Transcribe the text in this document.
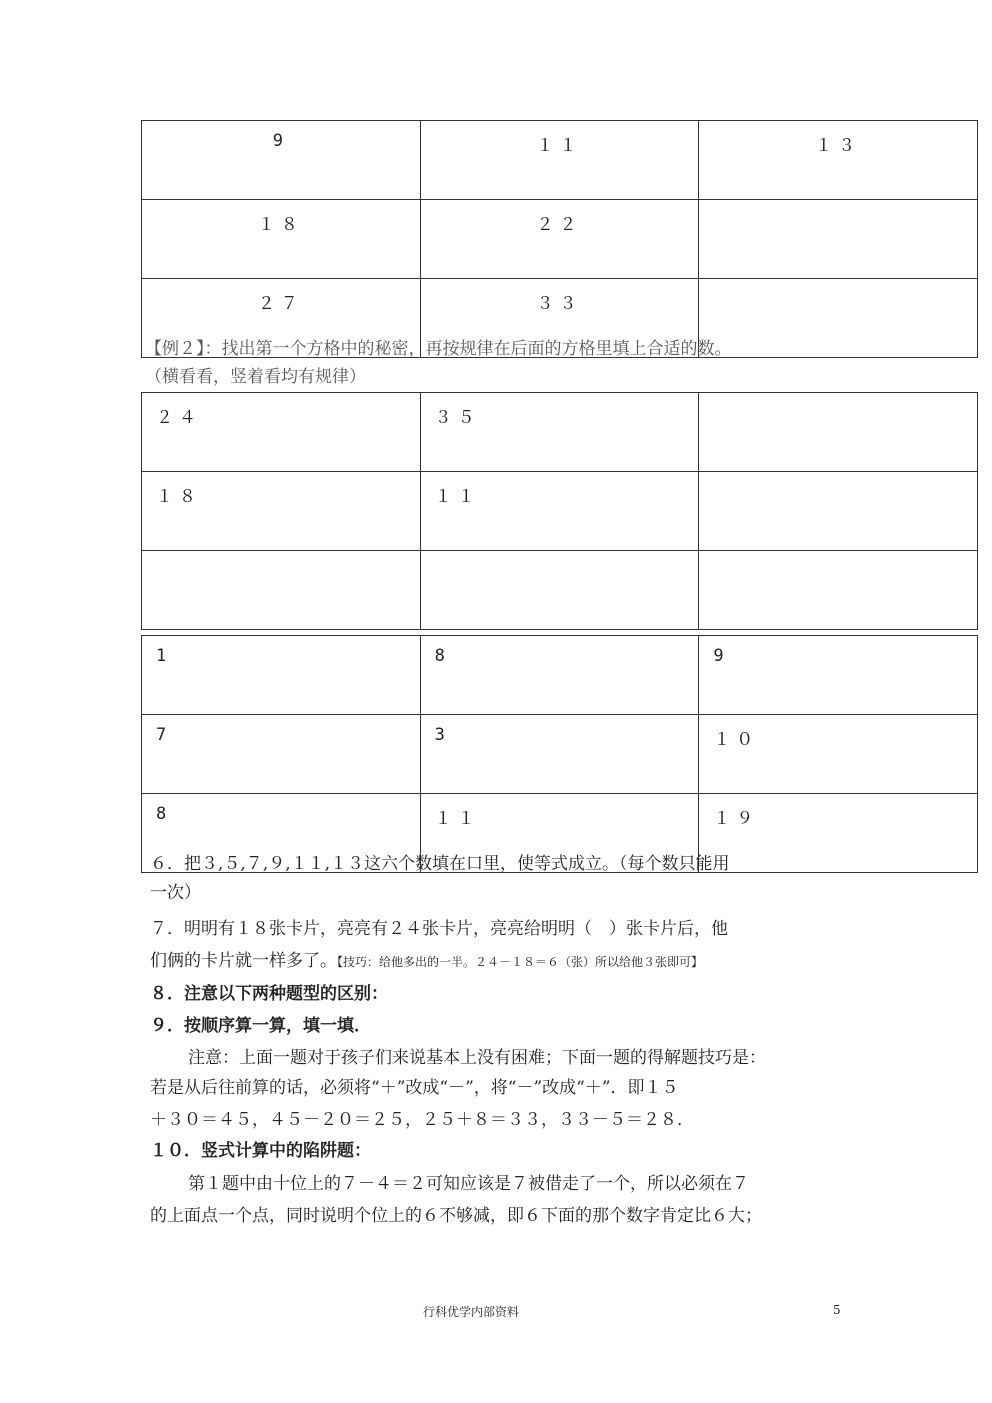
9	１１	１３
１８	２２	
２７	３３	
【例２】：找出第一个方格中的秘密，再按规律在后面的方格里填上合适的数。
（横看看，竖着看均有规律）
２４	３５	
１８	１１	

1	8	9
7	3	１０
8	１１	１９
６．把３,５,７,９,１１,１３这六个数填在口里，使等式成立。（每个数只能用
一次）
７．明明有１８张卡片，亮亮有２４张卡片，亮亮给明明（　）张卡片后，他
们俩的卡片就一样多了。【技巧：给他多出的一半。２４－１８＝６（张）所以给他３张即可】
８．注意以下两种题型的区别：
９．按顺序算一算，填一填．
注意：上面一题对于孩子们来说基本上没有困难；下面一题的得解题技巧是：
若是从后往前算的话，必须将“＋”改成“－”，将“－”改成“＋”．即１５
＋３０＝４５，４５－２０＝２５，２５＋８＝３３，３３－５＝２８．
１０．竖式计算中的陷阱题：
第１题中由十位上的７－４＝２可知应该是７被借走了一个，所以必须在７
的上面点一个点，同时说明个位上的６不够减，即６下面的那个数字肯定比６大；
行科优学内部资料	5
